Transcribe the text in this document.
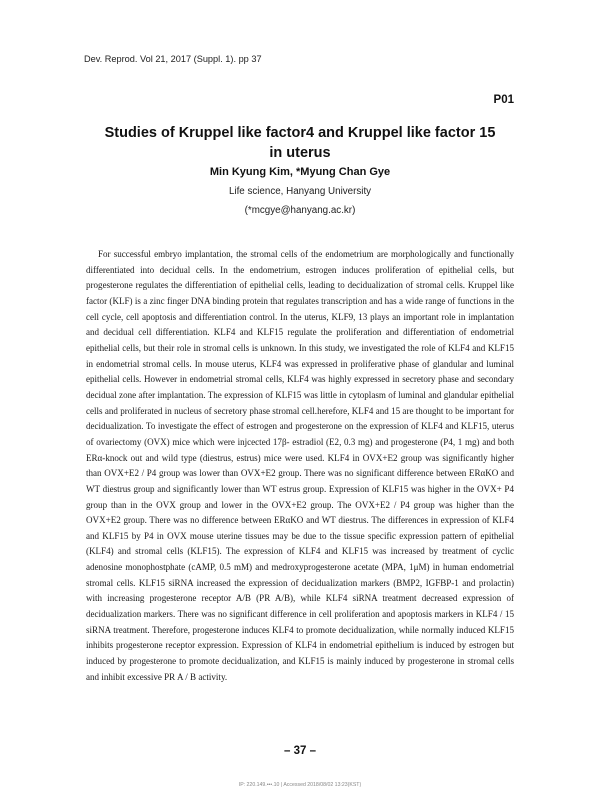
Dev. Reprod. Vol 21, 2017 (Suppl. 1). pp 37
P01
Studies of Kruppel like factor4 and Kruppel like factor 15 in uterus
Min Kyung Kim, *Myung Chan Gye
Life science, Hanyang University
(*mcgye@hanyang.ac.kr)

For successful embryo implantation, the stromal cells of the endometrium are morphologically and functionally differentiated into decidual cells. In the endometrium, estrogen induces proliferation of epithelial cells, but progesterone regulates the differentiation of epithelial cells, leading to decidualization of stromal cells. Kruppel like factor (KLF) is a zinc finger DNA binding protein that regulates transcription and has a wide range of functions in the cell cycle, cell apoptosis and differentiation control. In the uterus, KLF9, 13 plays an important role in implantation and decidual cell differentiation. KLF4 and KLF15 regulate the proliferation and differentiation of endometrial epithelial cells, but their role in stromal cells is unknown. In this study, we investigated the role of KLF4 and KLF15 in endometrial stromal cells. In mouse uterus, KLF4 was expressed in proliferative phase of glandular and luminal epithelial cells. However in endometrial stromal cells, KLF4 was highly expressed in secretory phase and secondary decidual zone after implantation. The expression of KLF15 was little in cytoplasm of luminal and glandular epithelial cells and proliferated in nucleus of secretory phase stromal cell.herefore, KLF4 and 15 are thought to be important for decidualization. To investigate the effect of estrogen and progesterone on the expression of KLF4 and KLF15, uterus of ovariectomy (OVX) mice which were injcected 17β- estradiol (E2, 0.3 mg) and progesterone (P4, 1 mg) and both ERα-knock out and wild type (diestrus, estrus) mice were used. KLF4 in OVX+E2 group was significantly higher than OVX+E2 / P4 group was lower than OVX+E2 group. There was no significant difference between ERαKO and WT diestrus group and significantly lower than WT estrus group. Expression of KLF15 was higher in the OVX+ P4 group than in the OVX group and lower in the OVX+E2 group. The OVX+E2 / P4 group was higher than the OVX+E2 group. There was no difference between ERαKO and WT diestrus. The differences in expression of KLF4 and KLF15 by P4 in OVX mouse uterine tissues may be due to the tissue specific expression pattern of epithelial (KLF4) and stromal cells (KLF15). The expression of KLF4 and KLF15 was increased by treatment of cyclic adenosine monophostphate (cAMP, 0.5 mM) and medroxyprogesterone acetate (MPA, 1μM) in human endometrial stromal cells. KLF15 siRNA increased the expression of decidualization markers (BMP2, IGFBP-1 and prolactin) with increasing progesterone receptor A/B (PR A/B), while KLF4 siRNA treatment decreased expression of decidualization markers. There was no significant difference in cell proliferation and apoptosis markers in KLF4 / 15 siRNA treatment. Therefore, progesterone induces KLF4 to promote decidualization, while normally induced KLF15 inhibits progesterone receptor expression. Expression of KLF4 in endometrial epithelium is induced by estrogen but induced by progesterone to promote decidualization, and KLF15 is mainly induced by progesterone in stromal cells and inhibit excessive PR A / B activity.

– 37 –
IP: 220.149.•••.10 | Accessed 2018/08/02 13:23(KST)
